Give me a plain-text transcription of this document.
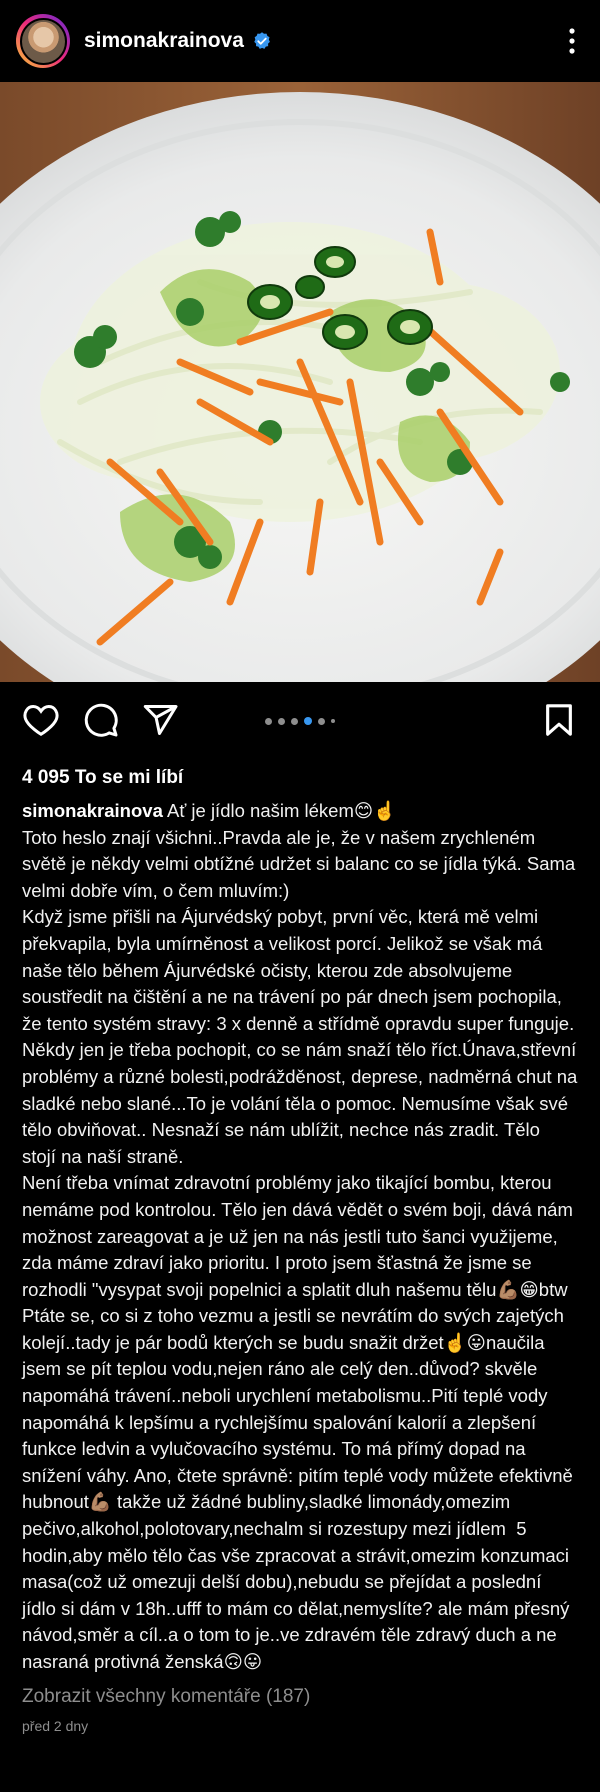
simonakrainova
4 095 To se mi líbí
simonakrainova Ať je jídlo našim lékem😊☝️
Toto heslo znají všichni..Pravda ale je, že v našem zrychleném světě je někdy velmi obtížné udržet si balanc co se jídla týká. Sama velmi dobře vím, o čem mluvím:)
Když jsme přišli na Ájurvédský pobyt, první věc, která mě velmi překvapila, byla umírněnost a velikost porcí. Jelikož se však má naše tělo během Ájurvédské očisty, kterou zde absolvujeme soustředit na čištění a ne na trávení po pár dnech jsem pochopila, že tento systém stravy: 3 x denně a střídmě opravdu super funguje.
Někdy jen je třeba pochopit, co se nám snaží tělo říct.Únava,střevní problémy a různé bolesti,podrážděnost, deprese, nadměrná chut na sladké nebo slané...To je volání těla o pomoc. Nemusíme však své tělo obviňovat.. Nesnaží se nám ublížit, nechce nás zradit. Tělo stojí na naší straně.
Není třeba vnímat zdravotní problémy jako tikající bombu, kterou nemáme pod kontrolou. Tělo jen dává vědět o svém boji, dává nám možnost zareagovat a je už jen na nás jestli tuto šanci využijeme, zda máme zdraví jako prioritu. I proto jsem šťastná že jsme se rozhodli "vysypat svoji popelnici a splatit dluh našemu tělu💪🏽😁btw Ptáte se, co si z toho vezmu a jestli se nevrátím do svých zajetých kolejí..tady je pár bodů kterých se budu snažit držet☝️😛naučila jsem se pít teplou vodu,nejen ráno ale celý den..důvod? skvěle napomáhá trávení..neboli urychlení metabolismu..Pití teplé vody napomáhá k lepšímu a rychlejšímu spalování kalorií a zlepšení funkce ledvin a vylučovacího systému. To má přímý dopad na snížení váhy. Ano, čtete správně: pitím teplé vody můžete efektivně hubnout💪🏽 takže už žádné bubliny,sladké limonády,omezim pečivo,alkohol,polotovary,nechalm si rozestupy mezi jídlem  5 hodin,aby mělo tělo čas vše zpracovat a strávit,omezim konzumaci masa(což už omezuji delší dobu),nebudu se přejídat a poslední jídlo si dám v 18h..ufff to mám co dělat,nemyslíte? ale mám přesný návod,směr a cíl..a o tom to je..ve zdravém těle zdravý duch a ne nasraná protivná ženská🙃😛
Zobrazit všechny komentáře (187)
před 2 dny
